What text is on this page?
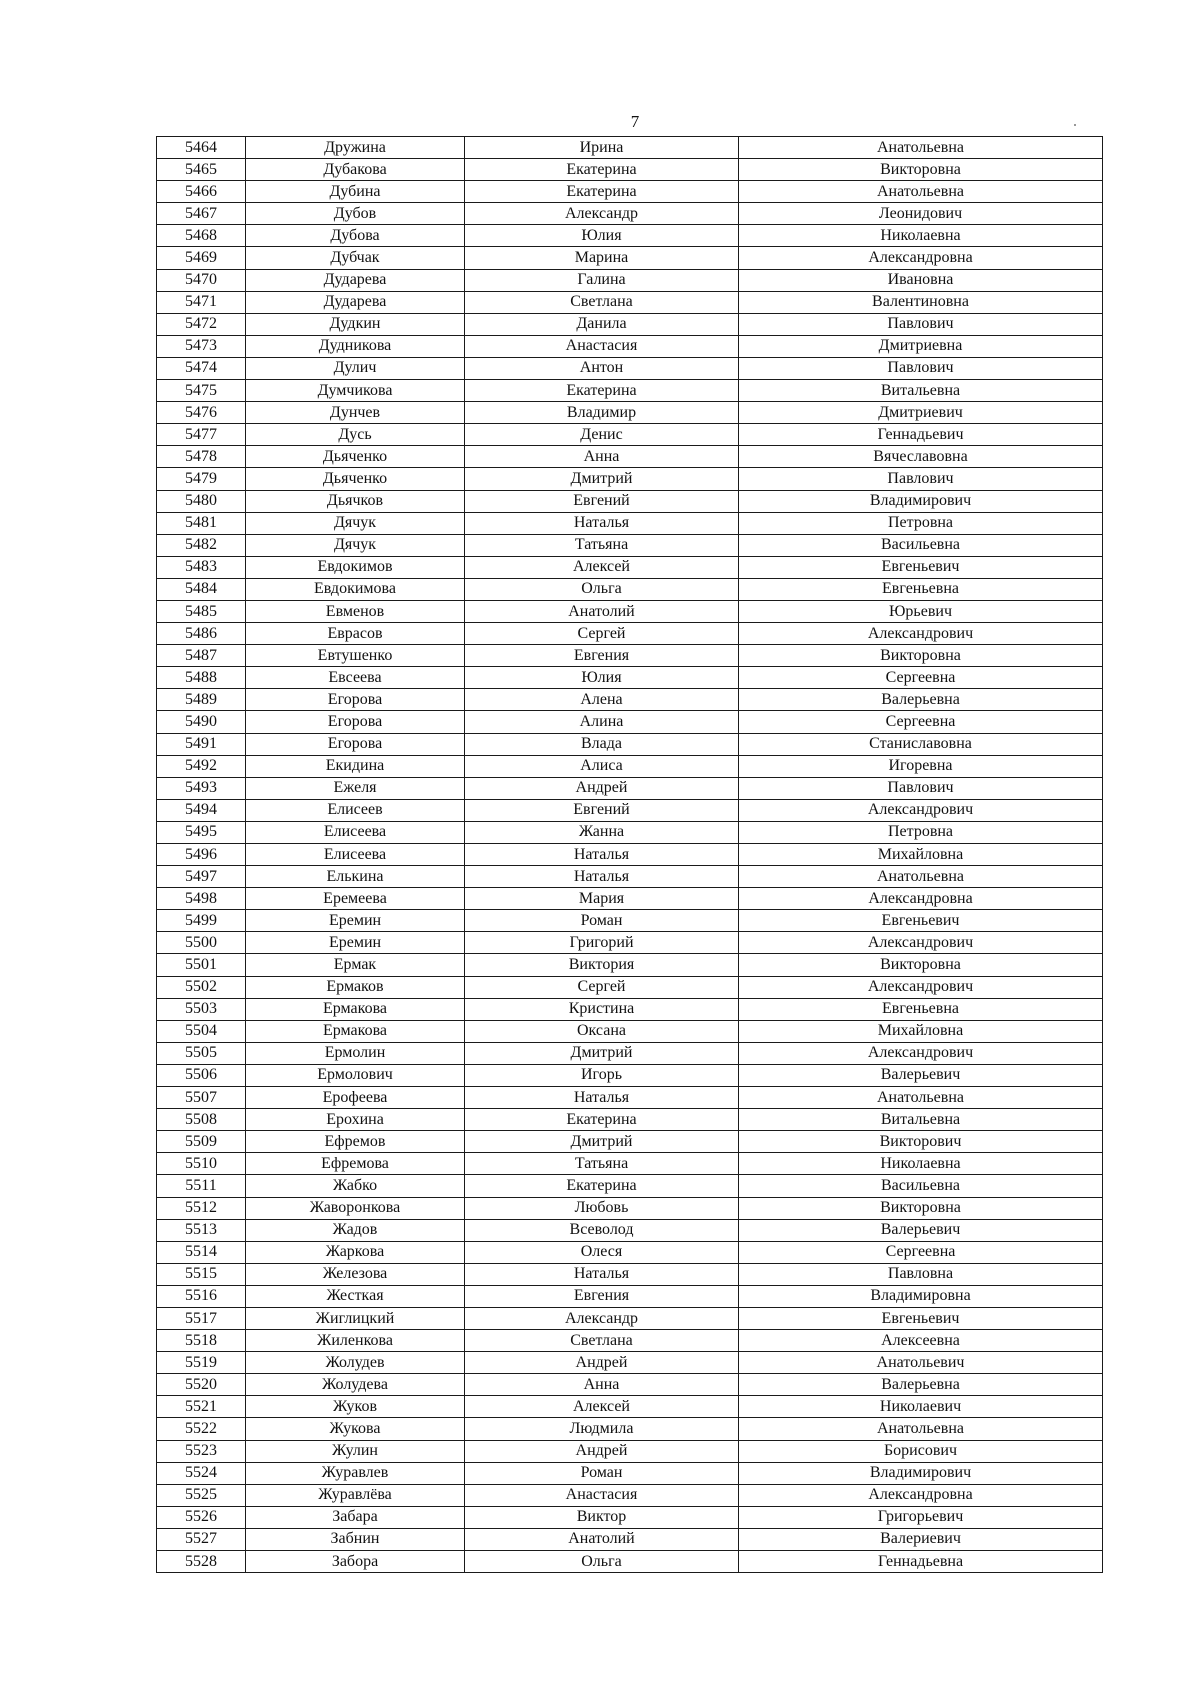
7
5464	Дружина	Ирина	Анатольевна
5465	Дубакова	Екатерина	Викторовна
5466	Дубина	Екатерина	Анатольевна
5467	Дубов	Александр	Леонидович
5468	Дубова	Юлия	Николаевна
5469	Дубчак	Марина	Александровна
5470	Дударева	Галина	Ивановна
5471	Дударева	Светлана	Валентиновна
5472	Дудкин	Данила	Павлович
5473	Дудникова	Анастасия	Дмитриевна
5474	Дулич	Антон	Павлович
5475	Думчикова	Екатерина	Витальевна
5476	Дунчев	Владимир	Дмитриевич
5477	Дусь	Денис	Геннадьевич
5478	Дьяченко	Анна	Вячеславовна
5479	Дьяченко	Дмитрий	Павлович
5480	Дьячков	Евгений	Владимирович
5481	Дячук	Наталья	Петровна
5482	Дячук	Татьяна	Васильевна
5483	Евдокимов	Алексей	Евгеньевич
5484	Евдокимова	Ольга	Евгеньевна
5485	Евменов	Анатолий	Юрьевич
5486	Еврасов	Сергей	Александрович
5487	Евтушенко	Евгения	Викторовна
5488	Евсеева	Юлия	Сергеевна
5489	Егорова	Алена	Валерьевна
5490	Егорова	Алина	Сергеевна
5491	Егорова	Влада	Станиславовна
5492	Екидина	Алиса	Игоревна
5493	Ежеля	Андрей	Павлович
5494	Елисеев	Евгений	Александрович
5495	Елисеева	Жанна	Петровна
5496	Елисеева	Наталья	Михайловна
5497	Елькина	Наталья	Анатольевна
5498	Еремеева	Мария	Александровна
5499	Еремин	Роман	Евгеньевич
5500	Еремин	Григорий	Александрович
5501	Ермак	Виктория	Викторовна
5502	Ермаков	Сергей	Александрович
5503	Ермакова	Кристина	Евгеньевна
5504	Ермакова	Оксана	Михайловна
5505	Ермолин	Дмитрий	Александрович
5506	Ермолович	Игорь	Валерьевич
5507	Ерофеева	Наталья	Анатольевна
5508	Ерохина	Екатерина	Витальевна
5509	Ефремов	Дмитрий	Викторович
5510	Ефремова	Татьяна	Николаевна
5511	Жабко	Екатерина	Васильевна
5512	Жаворонкова	Любовь	Викторовна
5513	Жадов	Всеволод	Валерьевич
5514	Жаркова	Олеся	Сергеевна
5515	Железова	Наталья	Павловна
5516	Жесткая	Евгения	Владимировна
5517	Жиглицкий	Александр	Евгеньевич
5518	Жиленкова	Светлана	Алексеевна
5519	Жолудев	Андрей	Анатольевич
5520	Жолудева	Анна	Валерьевна
5521	Жуков	Алексей	Николаевич
5522	Жукова	Людмила	Анатольевна
5523	Жулин	Андрей	Борисович
5524	Журавлев	Роман	Владимирович
5525	Журавлёва	Анастасия	Александровна
5526	Забара	Виктор	Григорьевич
5527	Забнин	Анатолий	Валериевич
5528	Забора	Ольга	Геннадьевна
